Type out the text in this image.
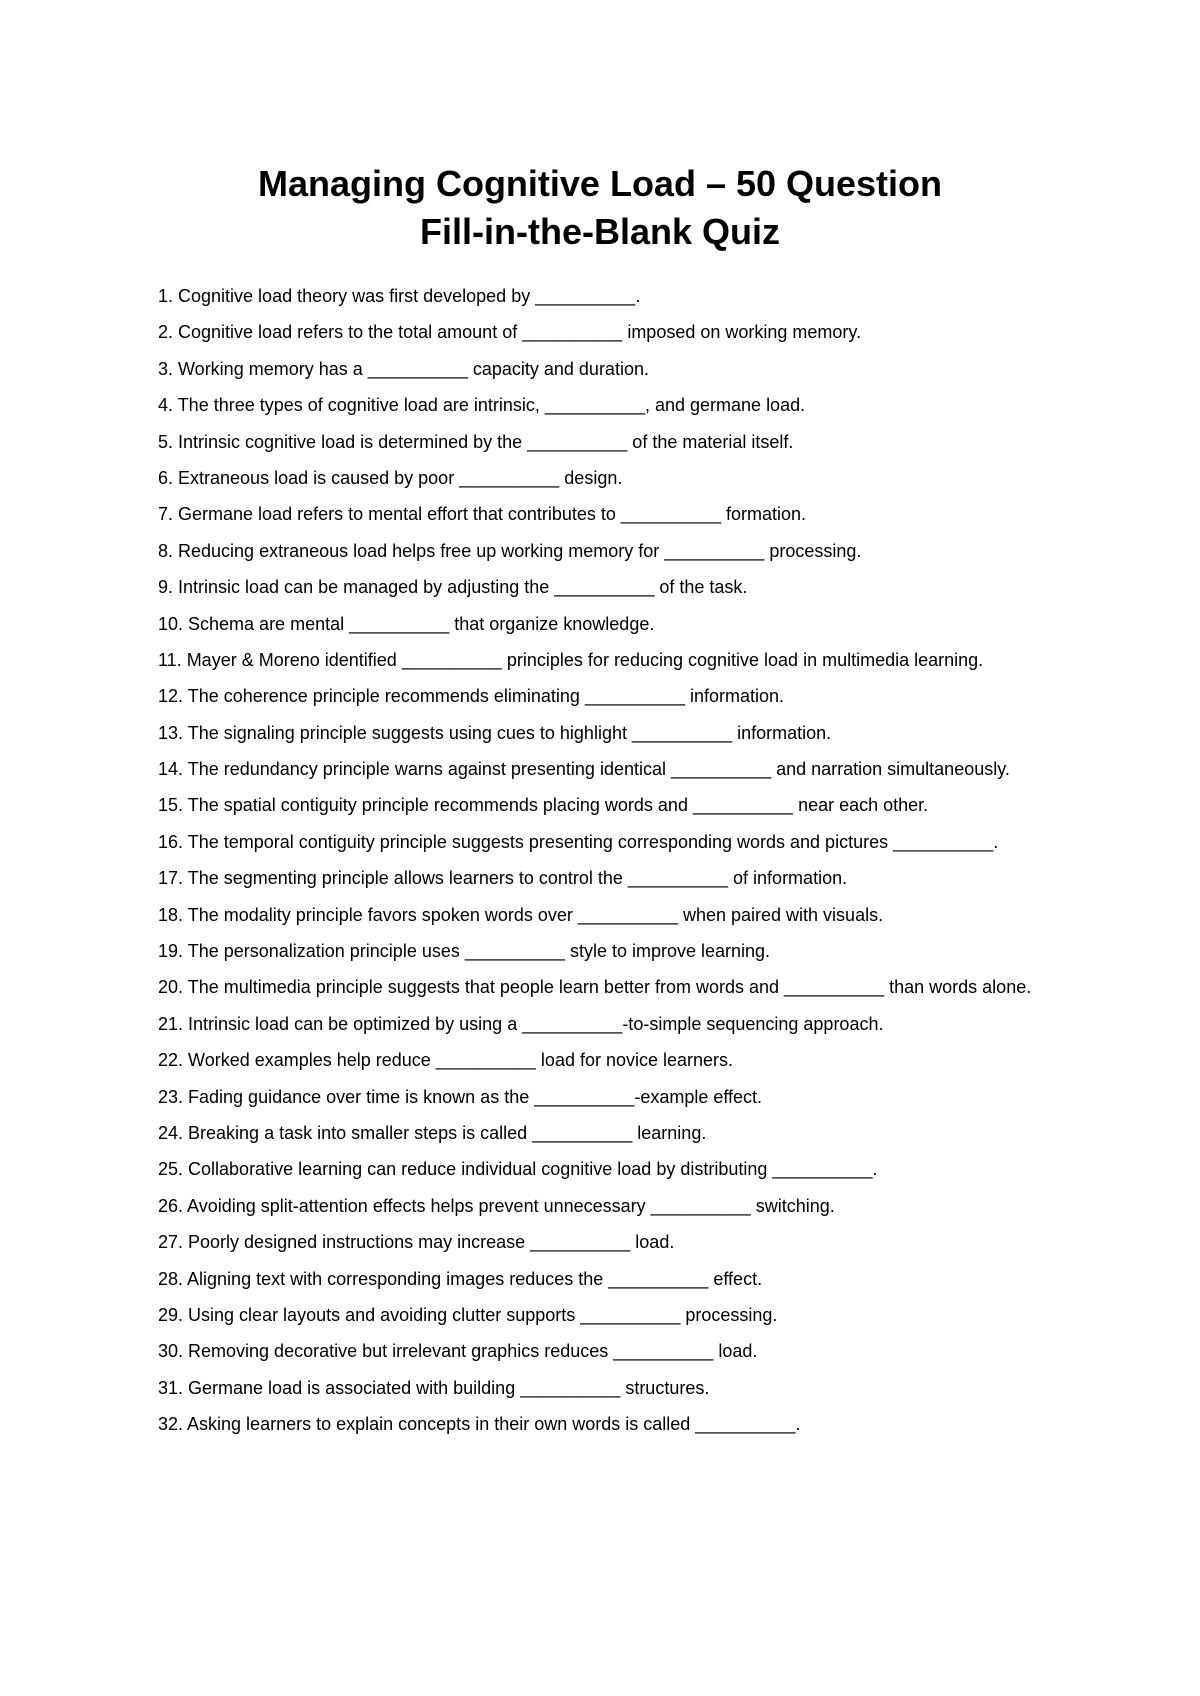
Managing Cognitive Load – 50 Question
Fill-in-the-Blank Quiz
1. Cognitive load theory was first developed by __________.
2. Cognitive load refers to the total amount of __________ imposed on working memory.
3. Working memory has a __________ capacity and duration.
4. The three types of cognitive load are intrinsic, __________, and germane load.
5. Intrinsic cognitive load is determined by the __________ of the material itself.
6. Extraneous load is caused by poor __________ design.
7. Germane load refers to mental effort that contributes to __________ formation.
8. Reducing extraneous load helps free up working memory for __________ processing.
9. Intrinsic load can be managed by adjusting the __________ of the task.
10. Schema are mental __________ that organize knowledge.
11. Mayer & Moreno identified __________ principles for reducing cognitive load in multimedia learning.
12. The coherence principle recommends eliminating __________ information.
13. The signaling principle suggests using cues to highlight __________ information.
14. The redundancy principle warns against presenting identical __________ and narration simultaneously.
15. The spatial contiguity principle recommends placing words and __________ near each other.
16. The temporal contiguity principle suggests presenting corresponding words and pictures __________.
17. The segmenting principle allows learners to control the __________ of information.
18. The modality principle favors spoken words over __________ when paired with visuals.
19. The personalization principle uses __________ style to improve learning.
20. The multimedia principle suggests that people learn better from words and __________ than words alone.
21. Intrinsic load can be optimized by using a __________-to-simple sequencing approach.
22. Worked examples help reduce __________ load for novice learners.
23. Fading guidance over time is known as the __________-example effect.
24. Breaking a task into smaller steps is called __________ learning.
25. Collaborative learning can reduce individual cognitive load by distributing __________.
26. Avoiding split-attention effects helps prevent unnecessary __________ switching.
27. Poorly designed instructions may increase __________ load.
28. Aligning text with corresponding images reduces the __________ effect.
29. Using clear layouts and avoiding clutter supports __________ processing.
30. Removing decorative but irrelevant graphics reduces __________ load.
31. Germane load is associated with building __________ structures.
32. Asking learners to explain concepts in their own words is called __________.
